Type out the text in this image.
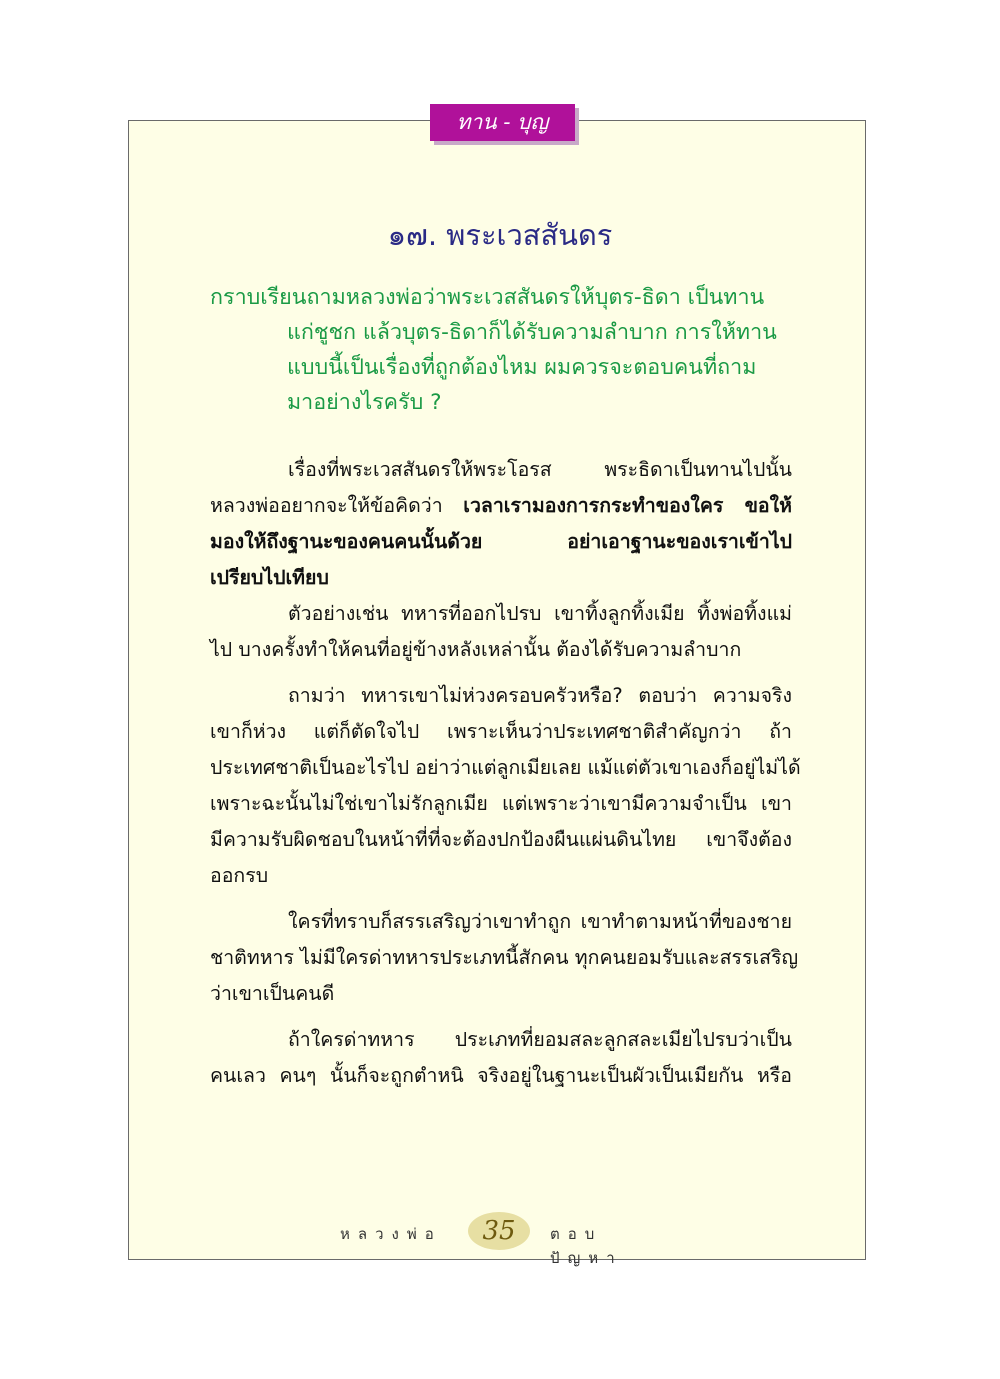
ทาน - บุญ
๑๗. พระเวสสันดร
กราบเรียนถามหลวงพ่อว่าพระเวสสันดรให้บุตร-ธิดา เป็นทาน
แก่ชูชก แล้วบุตร-ธิดาก็ได้รับความลำบาก การให้ทาน
แบบนี้เป็นเรื่องที่ถูกต้องไหม ผมควรจะตอบคนที่ถาม
มาอย่างไรครับ ?
เรื่องที่พระเวสสันดรให้พระโอรส พระธิดาเป็นทานไปนั้น
หลวงพ่ออยากจะให้ข้อคิดว่า เวลาเรามองการกระทำของใคร ขอให้
มองให้ถึงฐานะของคนคนนั้นด้วย อย่าเอาฐานะของเราเข้าไป
เปรียบไปเทียบ
ตัวอย่างเช่น ทหารที่ออกไปรบ เขาทิ้งลูกทิ้งเมีย ทิ้งพ่อทิ้งแม่
ไป บางครั้งทำให้คนที่อยู่ข้างหลังเหล่านั้น ต้องได้รับความลำบาก
ถามว่า ทหารเขาไม่ห่วงครอบครัวหรือ? ตอบว่า ความจริง
เขาก็ห่วง แต่ก็ตัดใจไป เพราะเห็นว่าประเทศชาติสำคัญกว่า ถ้า
ประเทศชาติเป็นอะไรไป อย่าว่าแต่ลูกเมียเลย แม้แต่ตัวเขาเองก็อยู่ไม่ได้
เพราะฉะนั้นไม่ใช่เขาไม่รักลูกเมีย แต่เพราะว่าเขามีความจำเป็น เขา
มีความรับผิดชอบในหน้าที่ที่จะต้องปกป้องผืนแผ่นดินไทย เขาจึงต้อง
ออกรบ
ใครที่ทราบก็สรรเสริญว่าเขาทำถูก เขาทำตามหน้าที่ของชาย
ชาติทหาร ไม่มีใครด่าทหารประเภทนี้สักคน ทุกคนยอมรับและสรรเสริญ
ว่าเขาเป็นคนดี
ถ้าใครด่าทหาร ประเภทที่ยอมสละลูกสละเมียไปรบว่าเป็น
คนเลว คนๆ นั้นก็จะถูกตำหนิ จริงอยู่ในฐานะเป็นผัวเป็นเมียกัน หรือ
หลวงพ่อ	35	ตอบปัญหา
